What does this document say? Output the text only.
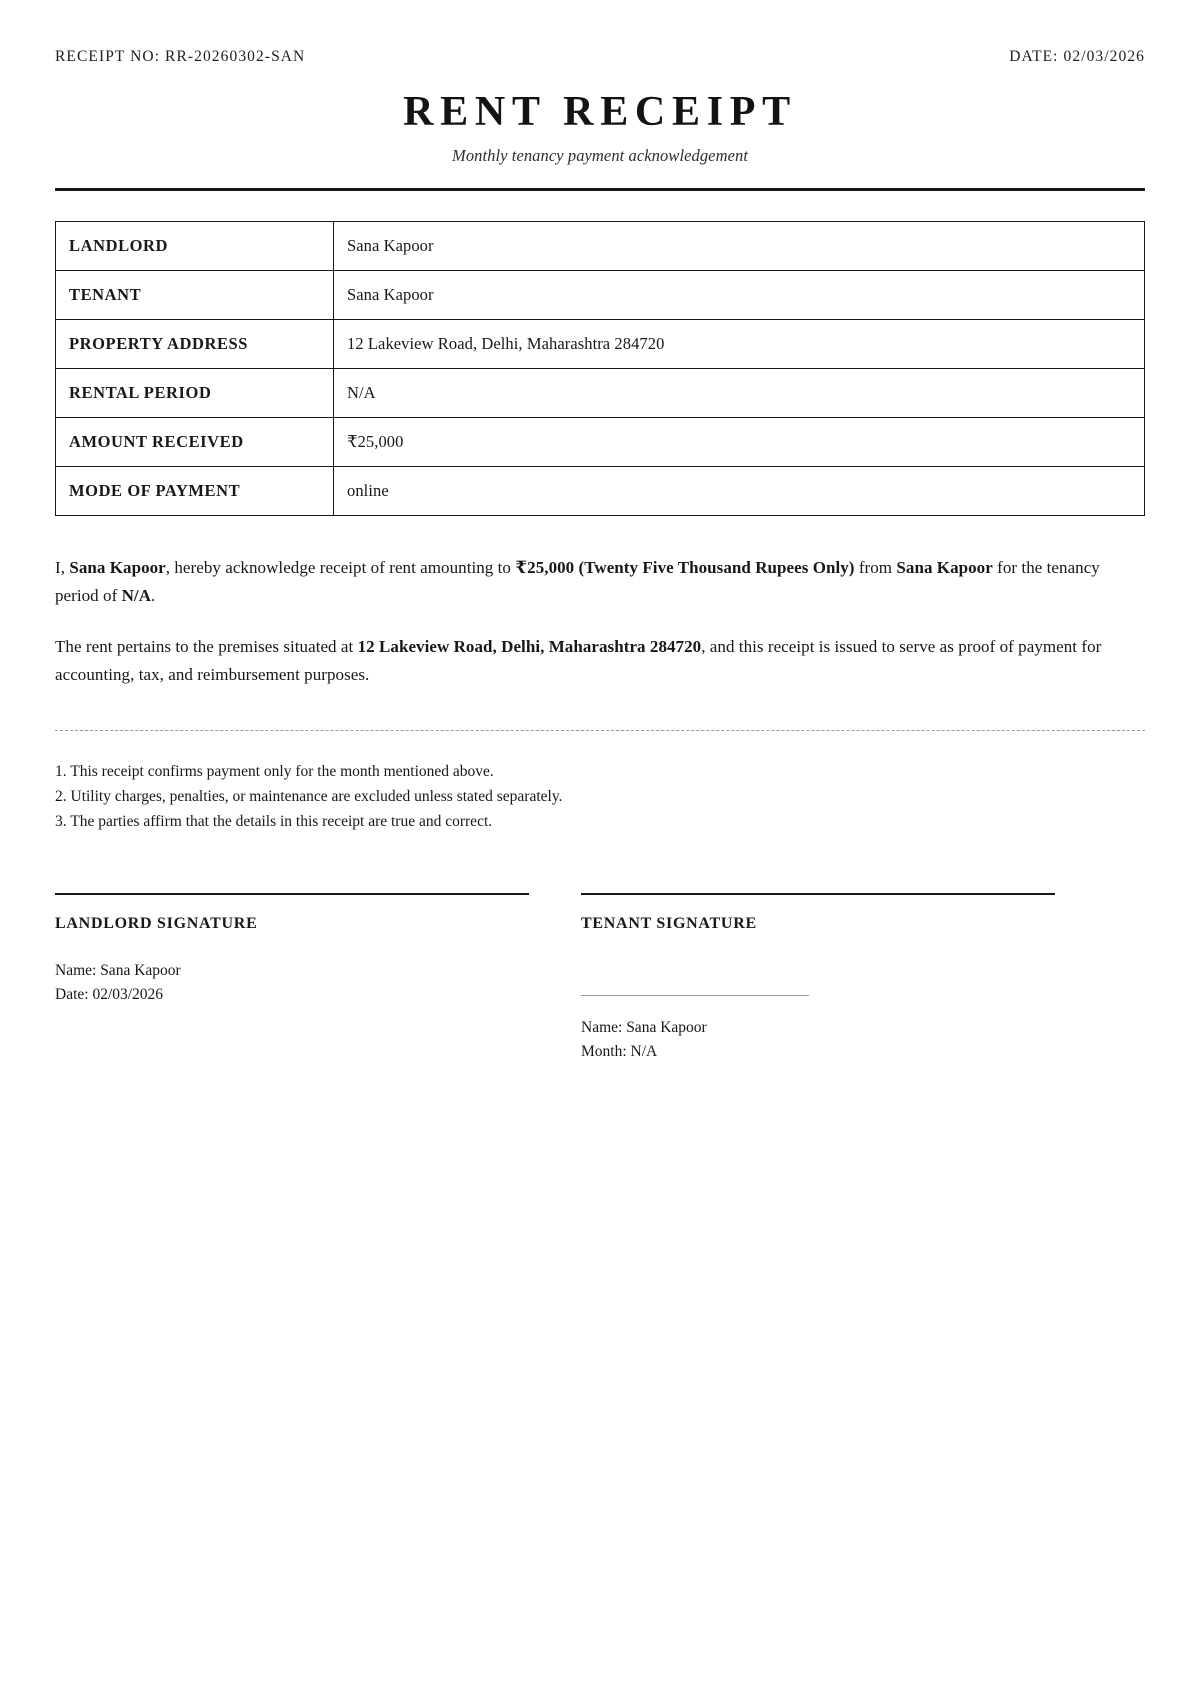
RECEIPT NO: RR-20260302-SAN	DATE: 02/03/2026
RENT RECEIPT
Monthly tenancy payment acknowledgement
LANDLORD	Sana Kapoor
TENANT	Sana Kapoor
PROPERTY ADDRESS	12 Lakeview Road, Delhi, Maharashtra 284720
RENTAL PERIOD	N/A
AMOUNT RECEIVED	₹25,000
MODE OF PAYMENT	online

I, Sana Kapoor, hereby acknowledge receipt of rent amounting to ₹25,000 (Twenty Five Thousand Rupees Only) from Sana Kapoor for the tenancy period of N/A.

The rent pertains to the premises situated at 12 Lakeview Road, Delhi, Maharashtra 284720, and this receipt is issued to serve as proof of payment for accounting, tax, and reimbursement purposes.

1. This receipt confirms payment only for the month mentioned above.
2. Utility charges, penalties, or maintenance are excluded unless stated separately.
3. The parties affirm that the details in this receipt are true and correct.
LANDLORD SIGNATURE
Name: Sana Kapoor
Date: 02/03/2026
TENANT SIGNATURE
Name: Sana Kapoor
Month: N/A
